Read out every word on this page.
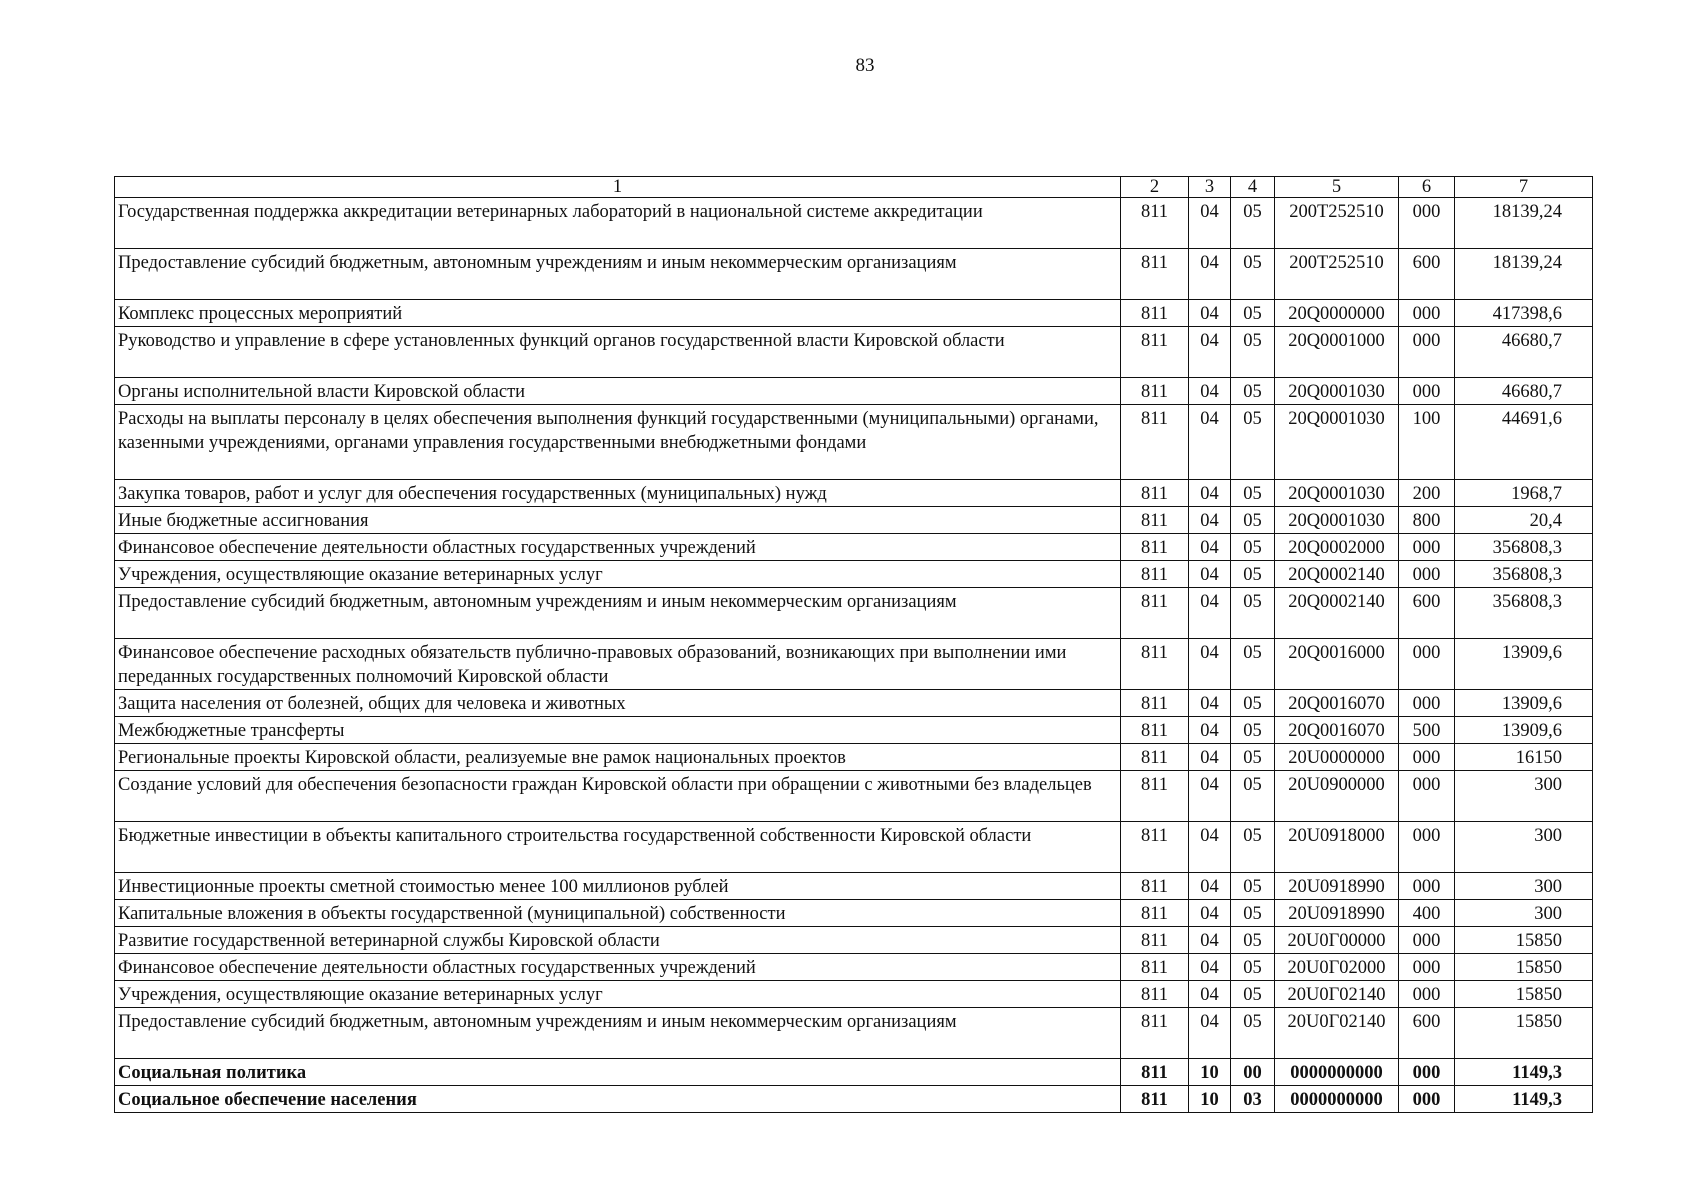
83
1	2	3	4	5	6	7
Государственная поддержка аккредитации ветеринарных лабораторий в национальной системе аккредитации	811	04	05	200Т252510	000	18139,24
Предоставление субсидий бюджетным, автономным учреждениям и иным некоммерческим организациям	811	04	05	200Т252510	600	18139,24
Комплекс процессных мероприятий	811	04	05	20Q0000000	000	417398,6
Руководство и управление в сфере установленных функций органов государственной власти Кировской области	811	04	05	20Q0001000	000	46680,7
Органы исполнительной власти Кировской области	811	04	05	20Q0001030	000	46680,7
Расходы на выплаты персоналу в целях обеспечения выполнения функций государственными (муниципальными) органами, казенными учреждениями, органами управления государственными внебюджетными фондами	811	04	05	20Q0001030	100	44691,6
Закупка товаров, работ и услуг для обеспечения государственных (муниципальных) нужд	811	04	05	20Q0001030	200	1968,7
Иные бюджетные ассигнования	811	04	05	20Q0001030	800	20,4
Финансовое обеспечение деятельности областных государственных учреждений	811	04	05	20Q0002000	000	356808,3
Учреждения, осуществляющие оказание ветеринарных услуг	811	04	05	20Q0002140	000	356808,3
Предоставление субсидий бюджетным, автономным учреждениям и иным некоммерческим организациям	811	04	05	20Q0002140	600	356808,3
Финансовое обеспечение расходных обязательств публично-правовых образований, возникающих при выполнении ими переданных государственных полномочий Кировской области	811	04	05	20Q0016000	000	13909,6
Защита населения от болезней, общих для человека и животных	811	04	05	20Q0016070	000	13909,6
Межбюджетные трансферты	811	04	05	20Q0016070	500	13909,6
Региональные проекты Кировской области, реализуемые вне рамок национальных проектов	811	04	05	20U0000000	000	16150
Создание условий для обеспечения безопасности граждан Кировской области при обращении с животными без владельцев	811	04	05	20U0900000	000	300
Бюджетные инвестиции в объекты капитального строительства государственной собственности Кировской области	811	04	05	20U0918000	000	300
Инвестиционные проекты сметной стоимостью менее 100 миллионов рублей	811	04	05	20U0918990	000	300
Капитальные вложения в объекты государственной (муниципальной) собственности	811	04	05	20U0918990	400	300
Развитие государственной ветеринарной службы Кировской области	811	04	05	20U0Г00000	000	15850
Финансовое обеспечение деятельности областных государственных учреждений	811	04	05	20U0Г02000	000	15850
Учреждения, осуществляющие оказание ветеринарных услуг	811	04	05	20U0Г02140	000	15850
Предоставление субсидий бюджетным, автономным учреждениям и иным некоммерческим организациям	811	04	05	20U0Г02140	600	15850
Социальная политика	811	10	00	0000000000	000	1149,3
Социальное обеспечение населения	811	10	03	0000000000	000	1149,3
